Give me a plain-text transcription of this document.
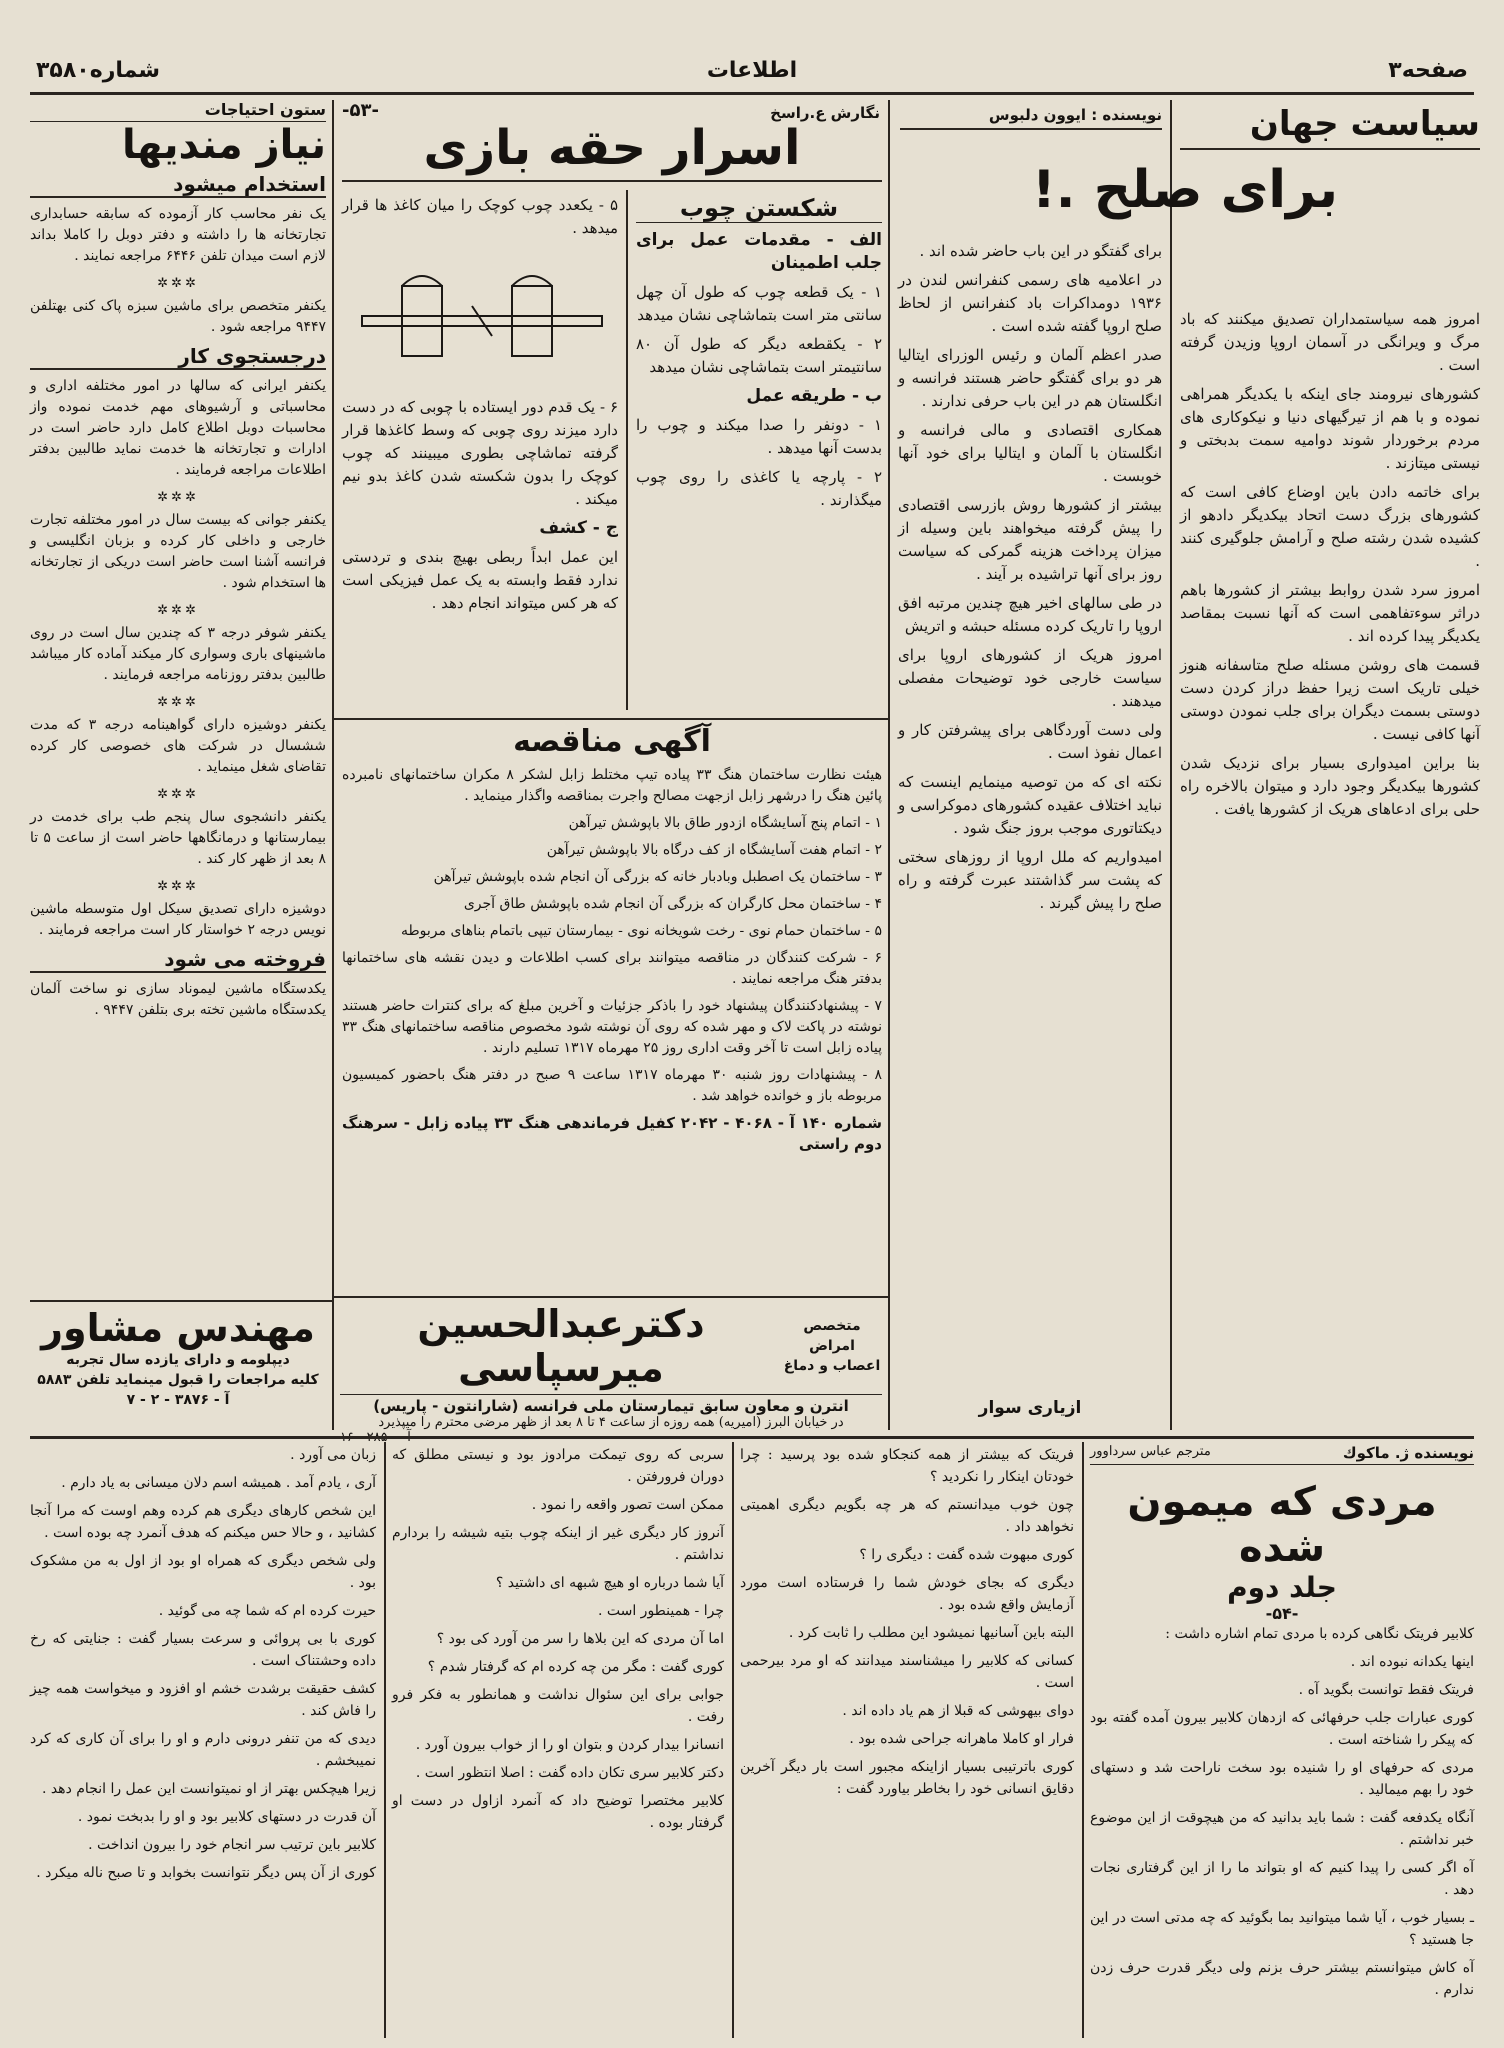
صفحه۳
اطلاعات
شماره۳۵۸۰
سیاست جهان

امروز همه سیاستمداران تصدیق میکنند که باد مرگ و ویرانگی در آسمان اروپا وزیدن گرفته است .

کشورهای نیرومند جای اینکه با یکدیگر همراهی نموده و با هم از تیرگیهای دنیا و نیکوکاری های مردم برخوردار شوند دوامیه سمت بدبختی و نیستی میتازند .

برای خاتمه دادن باین اوضاع کافی است که کشورهای بزرگ دست اتحاد بیکدیگر دادهو از کشیده شدن رشته صلح و آرامش جلوگیری کنند .

امروز سرد شدن روابط بیشتر از کشورها باهم دراثر سوءتفاهمی است که آنها نسبت بمقاصد یکدیگر پیدا کرده اند .

قسمت های روشن مسئله صلح متاسفانه هنوز خیلی تاریک است زیرا حفظ دراز کردن دست دوستی بسمت دیگران برای جلب نمودن دوستی آنها کافی نیست .

بنا براین امیدواری بسیار برای نزدیک شدن کشورها بیکدیگر وجود دارد و میتوان بالاخره راه حلی برای ادعاهای هریک از کشورها یافت .

نویسنده : ایوون دلبوس
برای صلح .!

برای گفتگو در این باب حاضر شده اند .

در اعلامیه های رسمی کنفرانس لندن در ۱۹۳۶ دومداکرات باد کنفرانس از لحاظ صلح اروپا گفته شده است .

صدر اعظم آلمان و رئیس الوزرای ایتالیا هر دو برای گفتگو حاضر هستند فرانسه و انگلستان هم در این باب حرفی ندارند .

همکاری اقتصادی و مالی فرانسه و انگلستان با آلمان و ایتالیا برای خود آنها خوبست .

بیشتر از کشورها روش بازرسی اقتصادی را پیش گرفته میخواهند باین وسیله از میزان پرداخت هزینه گمرکی که سیاست روز برای آنها تراشیده بر آیند .

در طی سالهای اخیر هیچ چندین مرتبه افق اروپا را تاریک کرده مسئله حبشه و اتریش

امروز هریک از کشورهای اروپا برای سیاست خارجی خود توضیحات مفصلی میدهند .

ولی دست آوردگاهی برای پیشرفتن کار و اعمال نفوذ است .

نکته ای که من توصیه مینمایم اینست که نباید اختلاف عقیده کشورهای دموکراسی و دیکتاتوری موجب بروز جنگ شود .

امیدواریم که ملل اروپا از روزهای سختی که پشت سر گذاشتند عبرت گرفته و راه صلح را پیش گیرند .

ازیاری سوار
نگارش ع.راسخ
-۵۳-
اسرار حقه بازی
شکستن چوب

الف - مقدمات عمل برای جلب اطمینان

۱ - یک قطعه چوب که طول آن چهل سانتی متر است بتماشاچی نشان میدهد

۲ - یکقطعه دیگر که طول آن ۸۰ سانتیمتر است بتماشاچی نشان میدهد

ب - طریقه عمل

۱ - دونفر را صدا میکند و چوب را بدست آنها میدهد .

۲ - پارچه یا کاغذی را روی چوب میگذارند .

۵ - یکعدد چوب کوچک را میان کاغذ ها قرار میدهد .

۶ - یک قدم دور ایستاده با چوبی که در دست دارد میزند روی چوبی که وسط کاغذها قرار گرفته تماشاچی بطوری میبینند که چوب کوچک را بدون شکسته شدن کاغذ بدو نیم میکند .

ج - کشف

این عمل ابداً ربطی بهیچ بندی و تردستی ندارد فقط وابسته به یک عمل فیزیکی است که هر کس میتواند انجام دهد .

آگهی مناقصه

هیئت نظارت ساختمان هنگ ۳۳ پیاده تیپ مختلط زابل لشکر ۸ مکران ساختمانهای نامبرده پائین هنگ را درشهر زابل ازجهت مصالح واجرت بمناقصه واگذار مینماید .

۱ - اتمام پنج آسایشگاه ازدور طاق بالا باپوشش تیرآهن

۲ - اتمام هفت آسایشگاه از کف درگاه بالا باپوشش تیرآهن

۳ - ساختمان یک اصطبل وبادبار خانه که بزرگی آن انجام شده باپوشش تیرآهن

۴ - ساختمان محل کارگران که بزرگی آن انجام شده باپوشش طاق آجری

۵ - ساختمان حمام نوی - رخت شویخانه نوی - بیمارستان تیپی باتمام بناهای مربوطه

۶ - شرکت کنندگان در مناقصه میتوانند برای کسب اطلاعات و دیدن نقشه های ساختمانها بدفتر هنگ مراجعه نمایند .

۷ - پیشنهادکنندگان پیشنهاد خود را باذکر جزئیات و آخرین مبلغ که برای کنترات حاضر هستند نوشته در پاکت لاک و مهر شده که روی آن نوشته شود مخصوص مناقصه ساختمانهای هنگ ۳۳ پیاده زابل است تا آخر وقت اداری روز ۲۵ مهرماه ۱۳۱۷ تسلیم دارند .

۸ - پیشنهادات روز شنبه ۳۰ مهرماه ۱۳۱۷ ساعت ۹ صبح در دفتر هنگ باحضور کمیسیون مربوطه باز و خوانده خواهد شد .

شماره ۱۴۰ آ - ۴۰۶۸ - ۲۰۴۲ کفیل فرماندهی هنگ ۳۳ پیاده زابل - سرهنگ دوم راستی

ستون احتیاجات
نیاز مندیها
استخدام میشود

یک نفر محاسب کار آزموده که سابقه حسابداری تجارتخانه ها را داشته و دفتر دوبل را کاملا بداند لازم است میدان تلفن ۶۴۴۶ مراجعه نمایند .

✲✲✲

یکنفر متخصص برای ماشین سبزه پاک کنی بهتلفن ۹۴۴۷ مراجعه شود .

درجستجوی کار

یکنفر ایرانی که سالها در امور مختلفه اداری و محاسباتی و آرشیوهای مهم خدمت نموده واز محاسبات دوبل اطلاع کامل دارد حاضر است در ادارات و تجارتخانه ها خدمت نماید طالبین بدفتر اطلاعات مراجعه فرمایند .

✲✲✲

یکنفر جوانی که بیست سال در امور مختلفه تجارت خارجی و داخلی کار کرده و بزبان انگلیسی و فرانسه آشنا است حاضر است دریکی از تجارتخانه ها استخدام شود .

✲✲✲

یکنفر شوفر درجه ۳ که چندین سال است در روی ماشینهای باری وسواری کار میکند آماده کار میباشد طالبین بدفتر روزنامه مراجعه فرمایند .

✲✲✲

یکنفر دوشیزه دارای گواهینامه درجه ۳ که مدت ششسال در شرکت های خصوصی کار کرده تقاضای شغل مینماید .

✲✲✲

یکنفر دانشجوی سال پنجم طب برای خدمت در بیمارستانها و درمانگاهها حاضر است از ساعت ۵ تا ۸ بعد از ظهر کار کند .

✲✲✲

دوشیزه دارای تصدیق سیکل اول متوسطه ماشین نویس درجه ۲ خواستار کار است مراجعه فرمایند .

فروخته می شود

یکدستگاه ماشین لیموناد سازی نو ساخت آلمان یکدستگاه ماشین تخته بری بتلفن ۹۴۴۷ .

مهندس مشاور
دیپلومه و دارای یازده سال تجربه
کلیه مراجعات را قبول مینماید تلفن ۵۸۸۳
آ - ۳۸۷۶ - ۲ - ۷
متخصص امراض
اعصاب و دماغ
دکترعبدالحسین میرسپاسی
انترن و معاون سابق تیمارستان ملی فرانسه (شارانتون - پاریس)
در خیابان البرز (امیریه) همه روزه از ساعت ۴ تا ۸ بعد از ظهر مرضی محترم را میپذیرد
نویسنده ژ. ماکوك
مترجم عباس سرداوور
مردی که میمون شده
جلد دوم
-۵۴-

کلابیر فریتک نگاهی کرده با مردی تمام اشاره داشت :

اینها یکدانه نبوده اند .

فریتک فقط توانست بگوید آه .

کوری عبارات جلب حرفهائی که ازدهان کلابیر بیرون آمده گفته بود که پیکر را شناخته است .

مردی که حرفهای او را شنیده بود سخت ناراحت شد و دستهای خود را بهم میمالید .

آنگاه یکدفعه گفت : شما باید بدانید که من هیچوقت از این موضوع خبر نداشتم .

آه اگر کسی را پیدا کنیم که او بتواند ما را از این گرفتاری نجات دهد .

ـ بسیار خوب ، آیا شما میتوانید بما بگوئید که چه مدتی است در این جا هستید ؟

آه کاش میتوانستم بیشتر حرف بزنم ولی دیگر قدرت حرف زدن ندارم .

فریتک که بیشتر از همه کنجکاو شده بود پرسید : چرا خودتان اینکار را نکردید ؟

چون خوب میدانستم که هر چه بگویم دیگری اهمیتی نخواهد داد .

کوری مبهوت شده گفت : دیگری را ؟

دیگری که بجای خودش شما را فرستاده است مورد آزمایش واقع شده بود .

البته باین آسانیها نمیشود این مطلب را ثابت کرد .

کسانی که کلابیر را میشناسند میدانند که او مرد بیرحمی است .

دوای بیهوشی که قبلا از هم یاد داده اند .

فرار او کاملا ماهرانه جراحی شده بود .

کوری باترتیبی بسیار ازاینکه مجبور است بار دیگر آخرین دقایق انسانی خود را بخاطر بیاورد گفت :

سربی که روی تیمکت مرادوز بود و نیستی مطلق که دوران فرورفتن .

ممکن است تصور واقعه را نمود .

آنروز کار دیگری غیر از اینکه چوب بتیه شیشه را بردارم نداشتم .

آیا شما درباره او هیچ شبهه ای داشتید ؟

چرا - همینطور است .

اما آن مردی که این بلاها را سر من آورد کی بود ؟

کوری گفت : مگر من چه کرده ام که گرفتار شدم ؟

جوابی برای این سئوال نداشت و همانطور به فکر فرو رفت .

انسانرا بیدار کردن و بتوان او را از خواب بیرون آورد .

دکتر کلابیر سری تکان داده گفت : اصلا انتظور است .

کلابیر مختصرا توضیح داد که آنمرد ازاول در دست او گرفتار بوده .

زبان می آورد .

آری ، یادم آمد . همیشه اسم دلان میسانی به یاد دارم .

این شخص کارهای دیگری هم کرده وهم اوست که مرا آنجا کشانید ، و حالا حس میکنم که هدف آنمرد چه بوده است .

ولی شخص دیگری که همراه او بود از اول به من مشکوک بود .

حیرت کرده ام که شما چه می گوئید .

کوری با بی پروائی و سرعت بسیار گفت : جنایتی که رخ داده وحشتناک است .

کشف حقیقت برشدت خشم او افزود و میخواست همه چیز را فاش کند .

دیدی که من تنفر درونی دارم و او را برای آن کاری که کرد نمیبخشم .

زیرا هیچکس بهتر از او نمیتوانست این عمل را انجام دهد .

آن قدرت در دستهای کلابیر بود و او را بدبخت نمود .

کلابیر باین ترتیب سر انجام خود را بیرون انداخت .

کوری از آن پس دیگر نتوانست بخوابد و تا صبح ناله میکرد .
